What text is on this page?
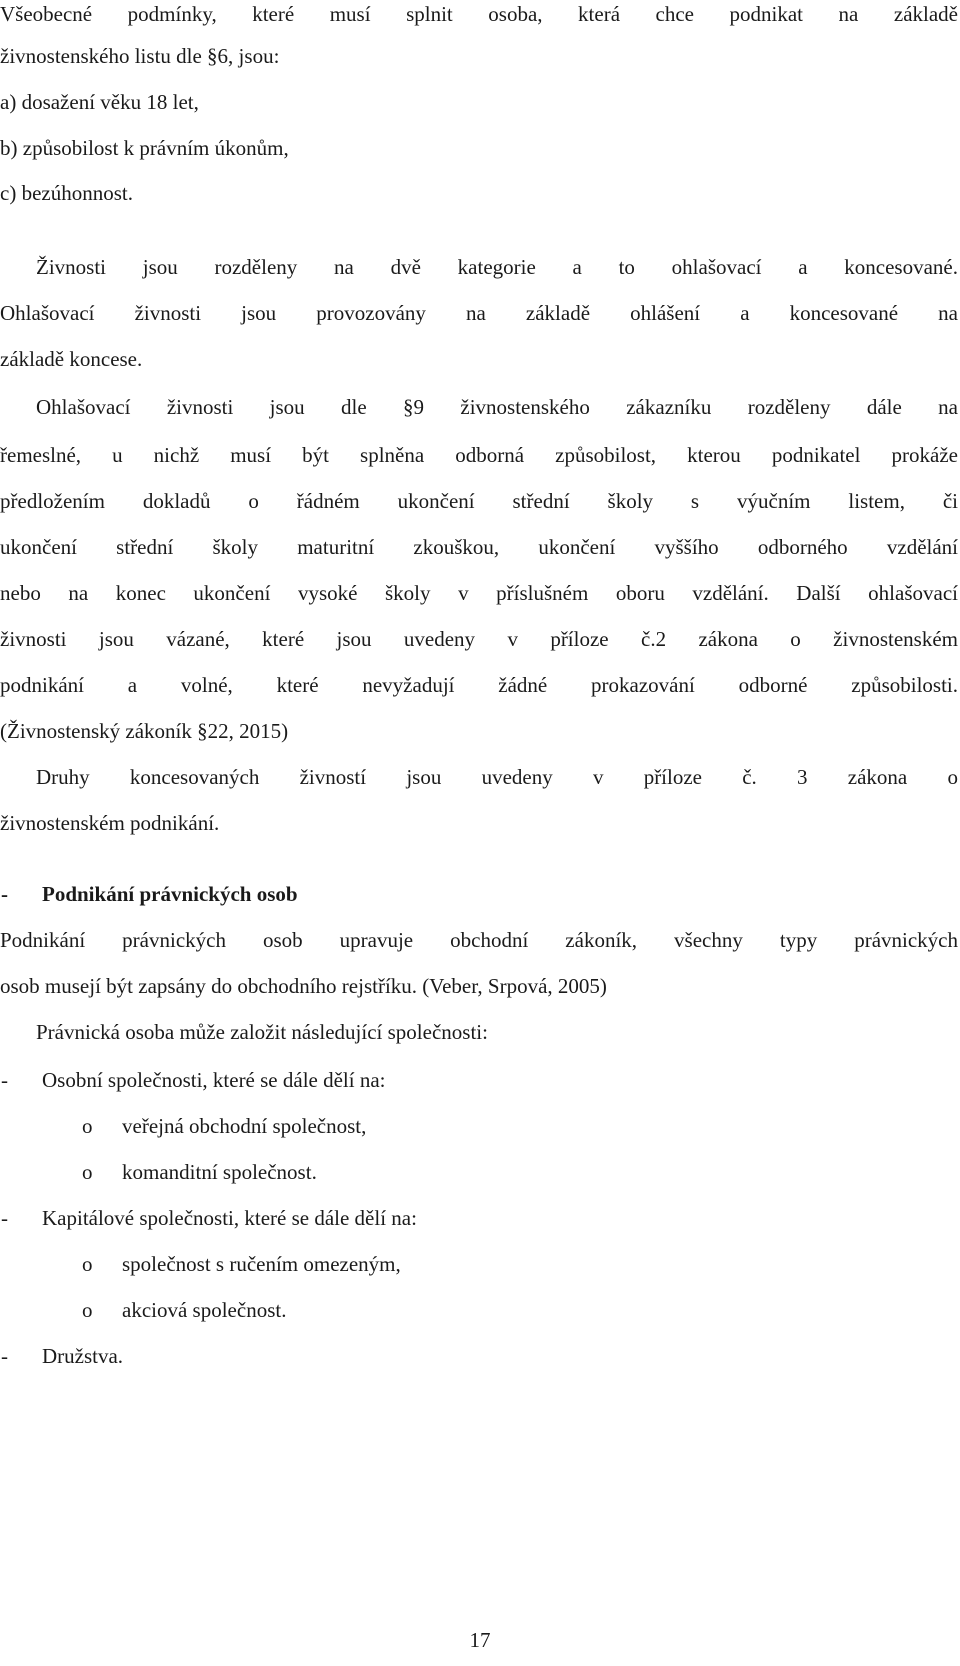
Všeobecné podmínky, které musí splnit osoba, která chce podnikat na základě
živnostenského listu dle §6, jsou:
a) dosažení věku 18 let,
b) způsobilost k právním úkonům,
c) bezúhonnost.
Živnosti jsou rozděleny na dvě kategorie a to ohlašovací a koncesované.
Ohlašovací živnosti jsou provozovány na základě ohlášení a koncesované na
základě koncese.
Ohlašovací živnosti jsou dle §9 živnostenského zákazníku rozděleny dále na
řemeslné, u nichž musí být splněna odborná způsobilost, kterou podnikatel prokáže
předložením dokladů o řádném ukončení střední školy s výučním listem, či
ukončení střední školy maturitní zkouškou, ukončení vyššího odborného vzdělání
nebo na konec ukončení vysoké školy v příslušném oboru vzdělání. Další ohlašovací
živnosti jsou vázané, které jsou uvedeny v příloze č.2 zákona o živnostenském
podnikání a volné, které nevyžadují žádné prokazování odborné způsobilosti.
(Živnostenský zákoník §22, 2015)
Druhy koncesovaných živností jsou uvedeny v příloze č. 3 zákona o
živnostenském podnikání.
- Podnikání právnických osob
Podnikání právnických osob upravuje obchodní zákoník, všechny typy právnických
osob musejí být zapsány do obchodního rejstříku. (Veber, Srpová, 2005)
Právnická osoba může založit následující společnosti:
- Osobní společnosti, které se dále dělí na:
o veřejná obchodní společnost,
o komanditní společnost.
- Kapitálové společnosti, které se dále dělí na:
o společnost s ručením omezeným,
o akciová společnost.
- Družstva.
17
